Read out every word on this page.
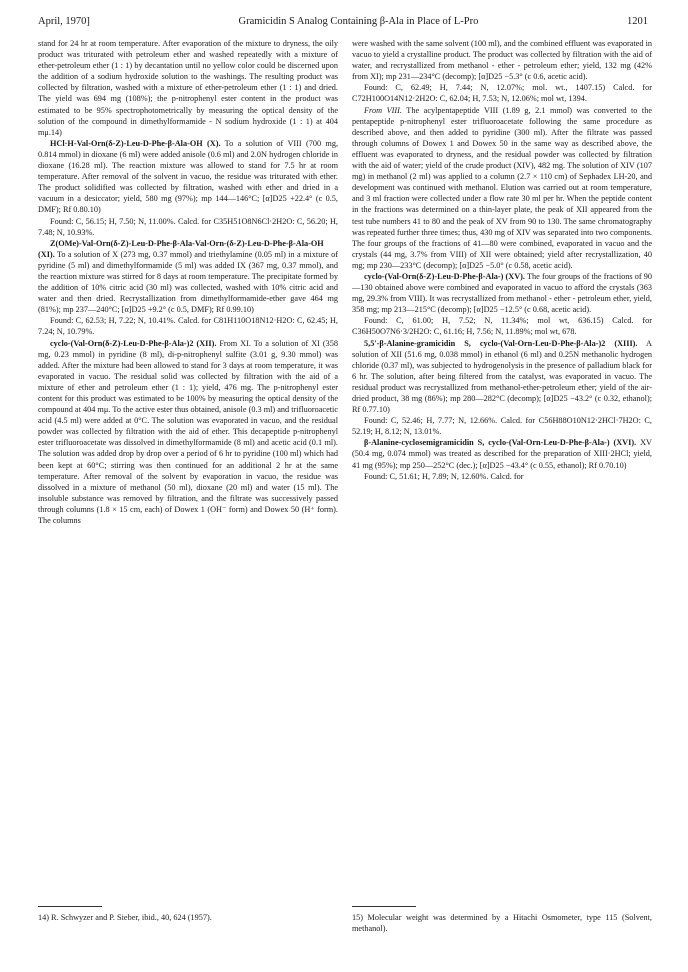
April, 1970]	Gramicidin S Analog Containing β-Ala in Place of L-Pro	1201

stand for 24 hr at room temperature. After evaporation of the mixture to dryness, the oily product was triturated with petroleum ether and washed repeatedly with a mixture of ether-petroleum ether (1 : 1) by decantation until no yellow color could be discerned upon the addition of a sodium hydroxide solution to the washings. The resulting product was collected by filtration, washed with a mixture of ether-petroleum ether (1 : 1) and dried. The yield was 694 mg (108%); the p-nitrophenyl ester content in the product was estimated to be 95% spectrophotometrically by measuring the optical density of the solution of the compound in dimethylformamide - N sodium hydroxide (1 : 1) at 404 mμ.14)

HCl·H-Val-Orn(δ-Z)-Leu-D-Phe-β-Ala-OH (X). To a solution of VIII (700 mg, 0.814 mmol) in dioxane (6 ml) were added anisole (0.6 ml) and 2.0N hydrogen chloride in dioxane (16.28 ml). The reaction mixture was allowed to stand for 7.5 hr at room temperature. After removal of the solvent in vacuo, the residue was triturated with ether. The product solidified was collected by filtration, washed with ether and dried in a vacuum in a desiccator; yield, 580 mg (97%); mp 144—146°C; [α]D25 +22.4° (c 0.5, DMF); Rf 0.80.10)

Found: C, 56.15; H, 7.50; N, 11.00%. Calcd. for C35H51O8N6Cl·2H2O: C, 56.20; H, 7.48; N, 10.93%.

Z(OMe)-Val-Orn(δ-Z)-Leu-D-Phe-β-Ala-Val-Orn-(δ-Z)-Leu-D-Phe-β-Ala-OH (XI). To a solution of X (273 mg, 0.37 mmol) and triethylamine (0.05 ml) in a mixture of pyridine (5 ml) and dimethylformamide (5 ml) was added IX (367 mg, 0.37 mmol), and the reaction mixture was stirred for 8 days at room temperature. The precipitate formed by the addition of 10% citric acid (30 ml) was collected, washed with 10% citric acid and water and then dried. Recrystallization from dimethylformamide-ether gave 464 mg (81%); mp 237—240°C; [α]D25 +9.2° (c 0.5, DMF); Rf 0.99.10)

Found: C, 62.53; H, 7.22; N, 10.41%. Calcd. for C81H110O18N12·H2O: C, 62.45; H, 7.24; N, 10.79%.

cyclo-(Val-Orn(δ-Z)-Leu-D-Phe-β-Ala-)2 (XII). From XI. To a solution of XI (358 mg, 0.23 mmol) in pyridine (8 ml), di-p-nitrophenyl sulfite (3.01 g, 9.30 mmol) was added. After the mixture had been allowed to stand for 3 days at room temperature, it was evaporated in vacuo. The residual solid was collected by filtration with the aid of a mixture of ether and petroleum ether (1 : 1); yield, 476 mg. The p-nitrophenyl ester content for this product was estimated to be 100% by measuring the optical density of the compound at 404 mμ. To the active ester thus obtained, anisole (0.3 ml) and trifluoroacetic acid (4.5 ml) were added at 0°C. The solution was evaporated in vacuo, and the residual powder was collected by filtration with the aid of ether. This decapeptide p-nitrophenyl ester trifluoroacetate was dissolved in dimethylformamide (8 ml) and acetic acid (0.1 ml). The solution was added drop by drop over a period of 6 hr to pyridine (100 ml) which had been kept at 60°C; stirring was then continued for an additional 2 hr at the same temperature. After removal of the solvent by evaporation in vacuo, the residue was dissolved in a mixture of methanol (50 ml), dioxane (20 ml) and water (15 ml). The insoluble substance was removed by filtration, and the filtrate was successively passed through columns (1.8 × 15 cm, each) of Dowex 1 (OH⁻ form) and Dowex 50 (H⁺ form). The columns

were washed with the same solvent (100 ml), and the combined effluent was evaporated in vacuo to yield a crystalline product. The product was collected by filtration with the aid of water, and recrystallized from methanol - ether - petroleum ether; yield, 132 mg (42% from XI); mp 231—234°C (decomp); [α]D25 −5.3° (c 0.6, acetic acid).

Found: C, 62.49; H, 7.44; N, 12.07%; mol. wt., 1407.15) Calcd. for C72H100O14N12·2H2O: C, 62.04; H, 7.53; N, 12.06%; mol wt, 1394.

From VIII. The acylpentapeptide VIII (1.89 g, 2.1 mmol) was converted to the pentapeptide p-nitrophenyl ester trifluoroacetate following the same procedure as described above, and then added to pyridine (300 ml). After the filtrate was passed through columns of Dowex 1 and Dowex 50 in the same way as described above, the effluent was evaporated to dryness, and the residual powder was collected by filtration with the aid of water; yield of the crude product (XIV), 482 mg. The solution of XIV (107 mg) in methanol (2 ml) was applied to a column (2.7 × 110 cm) of Sephadex LH-20, and development was continued with methanol. Elution was carried out at room temperature, and 3 ml fraction were collected under a flow rate 30 ml per hr. When the peptide content in the fractions was determined on a thin-layer plate, the peak of XII appeared from the test tube numbers 41 to 80 and the peak of XV from 90 to 130. The same chromatography was repeated further three times; thus, 430 mg of XIV was separated into two components. The four groups of the fractions of 41—80 were combined, evaporated in vacuo and the crystals (44 mg, 3.7% from VIII) of XII were obtained; yield after recrystallization, 40 mg; mp 230—233°C (decomp); [α]D25 −5.0° (c 0.58, acetic acid).

cyclo-(Val-Orn(δ-Z)-Leu-D-Phe-β-Ala-) (XV). The four groups of the fractions of 90—130 obtained above were combined and evaporated in vacuo to afford the crystals (363 mg, 29.3% from VIII). It was recrystallized from methanol - ether - petroleum ether, yield, 358 mg; mp 213—215°C (decomp); [α]D25 −12.5° (c 0.68, acetic acid).

Found: C, 61.00; H, 7.52; N, 11.34%; mol wt, 636.15) Calcd. for C36H50O7N6·3/2H2O: C, 61.16; H, 7.56; N, 11.89%; mol wt, 678.

5,5′-β-Alanine-gramicidin S, cyclo-(Val-Orn-Leu-D-Phe-β-Ala-)2 (XIII). A solution of XII (51.6 mg, 0.038 mmol) in ethanol (6 ml) and 0.25N methanolic hydrogen chloride (0.37 ml), was subjected to hydrogenolysis in the presence of palladium black for 6 hr. The solution, after being filtered from the catalyst, was evaporated in vacuo. The residual product was recrystallized from methanol-ether-petroleum ether; yield of the air-dried product, 38 mg (86%); mp 280—282°C (decomp); [α]D25 −43.2° (c 0.32, ethanol); Rf 0.77.10)

Found: C, 52.46; H, 7.77; N, 12.66%. Calcd. for C56H88O10N12·2HCl·7H2O: C, 52.19; H, 8.12; N, 13.01%.

β-Alanine-cyclosemigramicidin S, cyclo-(Val-Orn-Leu-D-Phe-β-Ala-) (XVI). XV (50.4 mg, 0.074 mmol) was treated as described for the preparation of XIII·2HCl; yield, 41 mg (95%); mp 250—252°C (dec.); [α]D25 −43.4° (c 0.55, ethanol); Rf 0.70.10)

Found: C, 51.61; H, 7.89; N, 12.60%. Calcd. for

14) R. Schwyzer and P. Sieber, ibid., 40, 624 (1957).	15) Molecular weight was determined by a Hitachi Osmometer, type 115 (Solvent, methanol).
